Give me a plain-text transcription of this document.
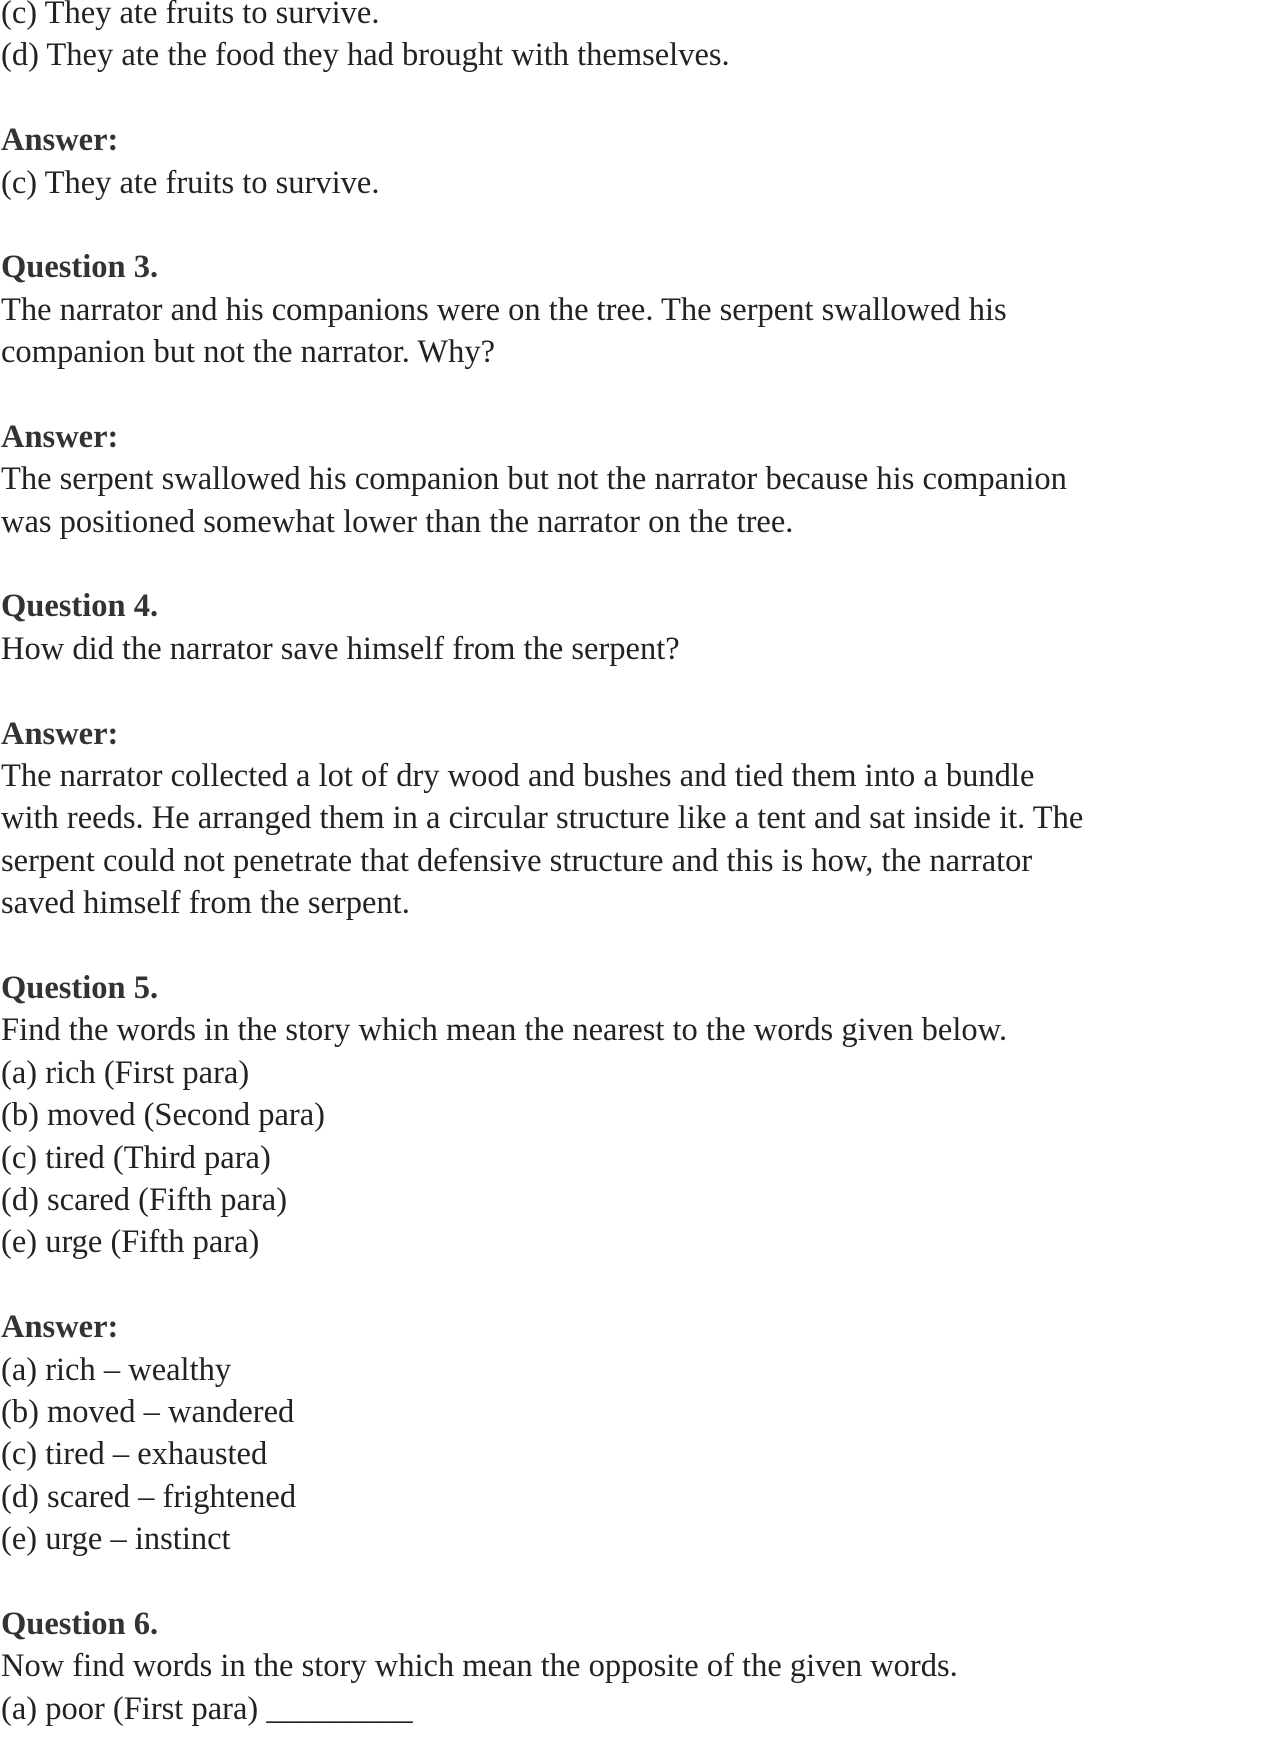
(c) They ate fruits to survive.
(d) They ate the food they had brought with themselves.
Answer:
(c) They ate fruits to survive.
Question 3.
The narrator and his companions were on the tree. The serpent swallowed his
companion but not the narrator. Why?
Answer:
The serpent swallowed his companion but not the narrator because his companion
was positioned somewhat lower than the narrator on the tree.
Question 4.
How did the narrator save himself from the serpent?
Answer:
The narrator collected a lot of dry wood and bushes and tied them into a bundle
with reeds. He arranged them in a circular structure like a tent and sat inside it. The
serpent could not penetrate that defensive structure and this is how, the narrator
saved himself from the serpent.
Question 5.
Find the words in the story which mean the nearest to the words given below.
(a) rich (First para)
(b) moved (Second para)
(c) tired (Third para)
(d) scared (Fifth para)
(e) urge (Fifth para)
Answer:
(a) rich – wealthy
(b) moved – wandered
(c) tired – exhausted
(d) scared – frightened
(e) urge – instinct
Question 6.
Now find words in the story which mean the opposite of the given words.
(a) poor (First para) _________
